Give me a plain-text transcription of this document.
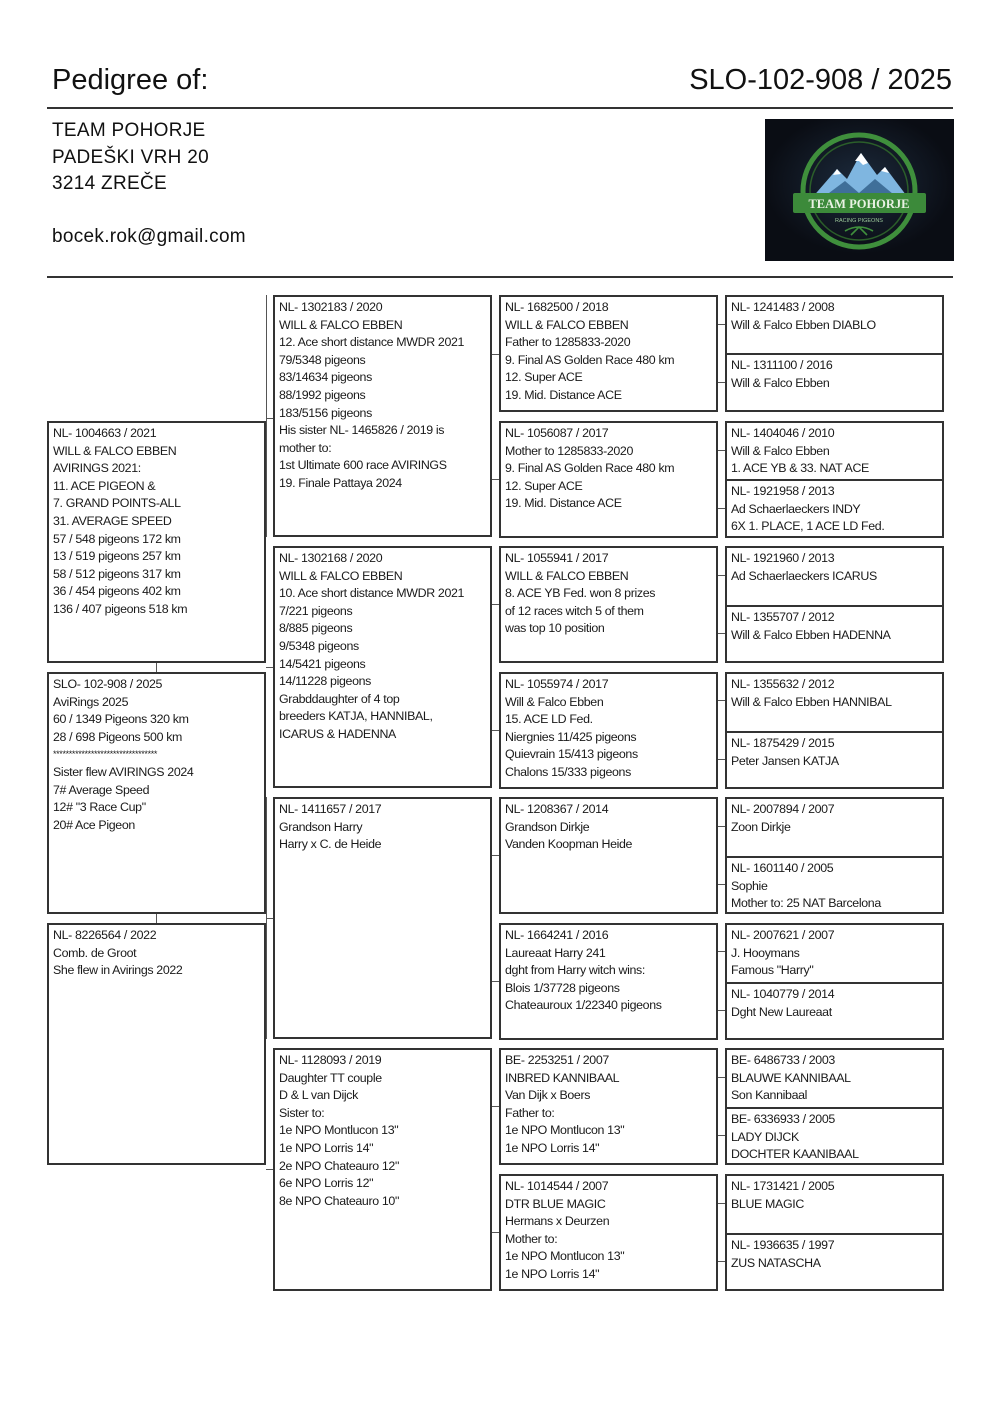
Pedigree of:	SLO-102-908 / 2025
TEAM POHORJE
PADEŠKI VRH 20
3214 ZREČE
bocek.rok@gmail.com
TEAM POHORJE
RACING PIGEONS
NL- 1004663 / 2021
WILL & FALCO EBBEN
AVIRINGS 2021:
11. ACE PIGEON &
7. GRAND POINTS-ALL
31. AVERAGE SPEED
57 / 548 pigeons 172 km
13 / 519 pigeons 257 km
58 / 512 pigeons 317 km
36 / 454 pigeons 402 km
136 / 407 pigeons 518 km
SLO- 102-908 / 2025
AviRings 2025
60 / 1349 Pigeons 320 km
28 / 698 Pigeons 500 km
*********************************
Sister flew AVIRINGS 2024
7# Average Speed
12# "3 Race Cup"
20# Ace Pigeon
NL- 8226564 / 2022
Comb. de Groot
She flew in Avirings 2022
NL- 1302183 / 2020
WILL & FALCO EBBEN
12. Ace short distance MWDR 2021
79/5348 pigeons
83/14634 pigeons
88/1992 pigeons
183/5156 pigeons
His sister NL- 1465826 / 2019 is
mother to:
1st Ultimate 600 race AVIRINGS
19. Finale Pattaya 2024
NL- 1302168 / 2020
WILL & FALCO EBBEN
10. Ace short distance MWDR 2021
7/221 pigeons
8/885 pigeons
9/5348 pigeons
14/5421 pigeons
14/11228 pigeons
Grabddaughter of 4 top
breeders KATJA, HANNIBAL,
ICARUS & HADENNA
NL- 1411657 / 2017
Grandson Harry
Harry x C. de Heide
NL- 1128093 / 2019
Daughter TT couple
D & L van Dijck
Sister to:
1e NPO Montlucon 13"
1e NPO Lorris 14"
2e NPO Chateauro 12"
6e NPO Lorris 12"
8e NPO Chateauro 10"
NL- 1682500 / 2018
WILL & FALCO EBBEN
Father to 1285833-2020
9. Final AS Golden Race 480 km
12. Super ACE
19. Mid. Distance ACE
NL- 1056087 / 2017
Mother to 1285833-2020
9. Final AS Golden Race 480 km
12. Super ACE
19. Mid. Distance ACE
NL- 1055941 / 2017
WILL & FALCO EBBEN
8. ACE YB Fed. won 8 prizes
of 12 races witch 5 of them
was top 10 position
NL- 1055974 / 2017
Will & Falco Ebben
15. ACE LD Fed.
Niergnies 11/425 pigeons
Quievrain 15/413 pigeons
Chalons 15/333 pigeons
NL- 1208367 / 2014
Grandson Dirkje
Vanden Koopman Heide
NL- 1664241 / 2016
Laureaat Harry 241
dght from Harry witch wins:
Blois 1/37728 pigeons
Chateauroux 1/22340 pigeons
BE- 2253251 / 2007
INBRED KANNIBAAL
Van Dijk x Boers
Father to:
1e NPO Montlucon 13"
1e NPO Lorris 14"
NL- 1014544 / 2007
DTR BLUE MAGIC
Hermans x Deurzen
Mother to:
1e NPO Montlucon 13"
1e NPO Lorris 14"
NL- 1241483 / 2008
Will & Falco Ebben DIABLO
NL- 1311100 / 2016
Will & Falco Ebben
NL- 1404046 / 2010
Will & Falco Ebben
1. ACE YB & 33. NAT ACE
NL- 1921958 / 2013
Ad Schaerlaeckers INDY
6X 1. PLACE, 1 ACE LD Fed.
NL- 1921960 / 2013
Ad Schaerlaeckers ICARUS
NL- 1355707 / 2012
Will & Falco Ebben HADENNA
NL- 1355632 / 2012
Will & Falco Ebben HANNIBAL
NL- 1875429 / 2015
Peter Jansen KATJA
NL- 2007894 / 2007
Zoon Dirkje
NL- 1601140 / 2005
Sophie
Mother to: 25 NAT Barcelona
NL- 2007621 / 2007
J. Hooymans
Famous "Harry"
NL- 1040779 / 2014
Dght New Laureaat
BE- 6486733 / 2003
BLAUWE KANNIBAAL
Son Kannibaal
BE- 6336933 / 2005
LADY DIJCK
DOCHTER KAANIBAAL
NL- 1731421 / 2005
BLUE MAGIC
NL- 1936635 / 1997
ZUS NATASCHA
